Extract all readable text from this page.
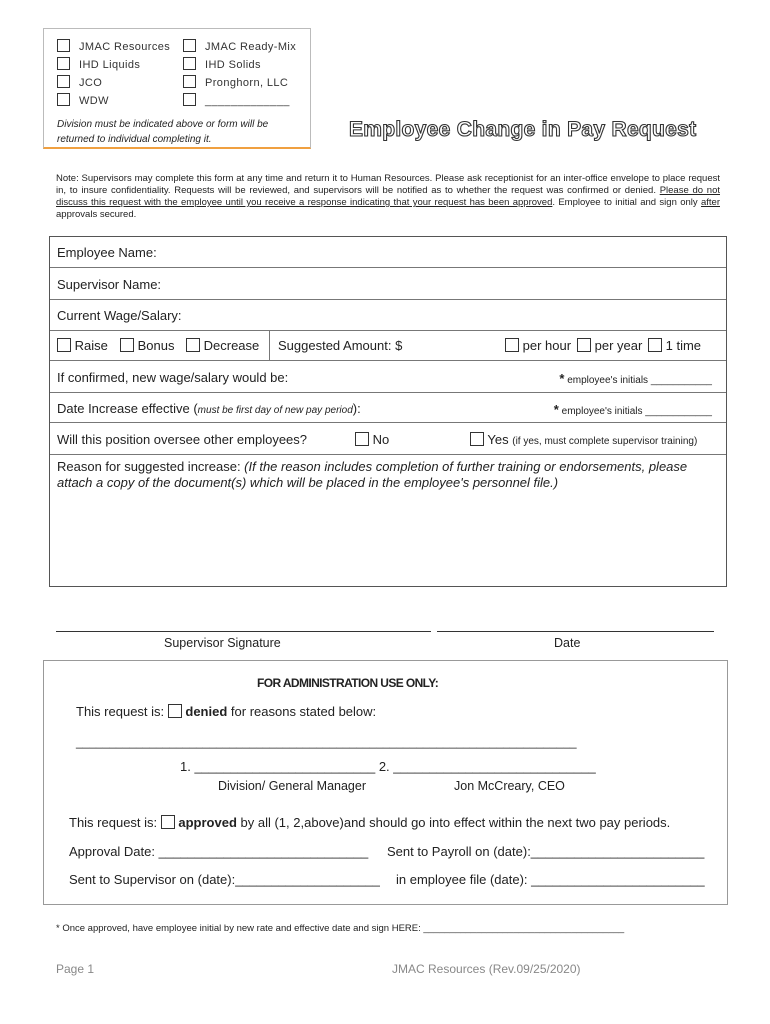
JMAC Resources
IHD Liquids
JCO
WDW
JMAC Ready-Mix
IHD Solids
Pronghorn, LLC
_____________
Division must be indicated above or form will be returned to individual completing it.	Employee Change in Pay Request
Note: Supervisors may complete this form at any time and return it to Human Resources. Please ask receptionist for an inter-office envelope to place request in, to insure confidentiality. Requests will be reviewed, and supervisors will be notified as to whether the request was confirmed or denied. Please do not discuss this request with the employee until you receive a response indicating that your request has been approved. Employee to initial and sign only after approvals secured.
Employee Name:
Supervisor Name:
Current Wage/Salary:
Raise	Bonus	Decrease Suggested Amount: $	per hour	per year	1 time
If confirmed, new wage/salary would be:	* employee's initials ___________
Date Increase effective (must be first day of new pay period):	* employee's initials ____________
Will this position oversee other employees?	No	Yes (if yes, must complete supervisor training)
Reason for suggested increase: (If the reason includes completion of further training or endorsements, please attach a copy of the document(s) which will be placed in the employee's personnel file.)
Supervisor Signature	Date
FOR ADMINISTRATION USE ONLY:
This request is:  denied for reasons stated below:
___________________________________________________________________________
1. _________________________ 2. ____________________________
Division/ General Manager	Jon McCreary, CEO
This request is:  approved by all (1, 2,above)and should go into effect within the next two pay periods.
Approval Date: _____________________________ Sent to Payroll on (date):________________________
Sent to Supervisor on (date):____________________ in employee file (date): ________________________
* Once approved, have employee initial by new rate and effective date and sign HERE: ______________________________________
Page 1	JMAC Resources (Rev.09/25/2020)
